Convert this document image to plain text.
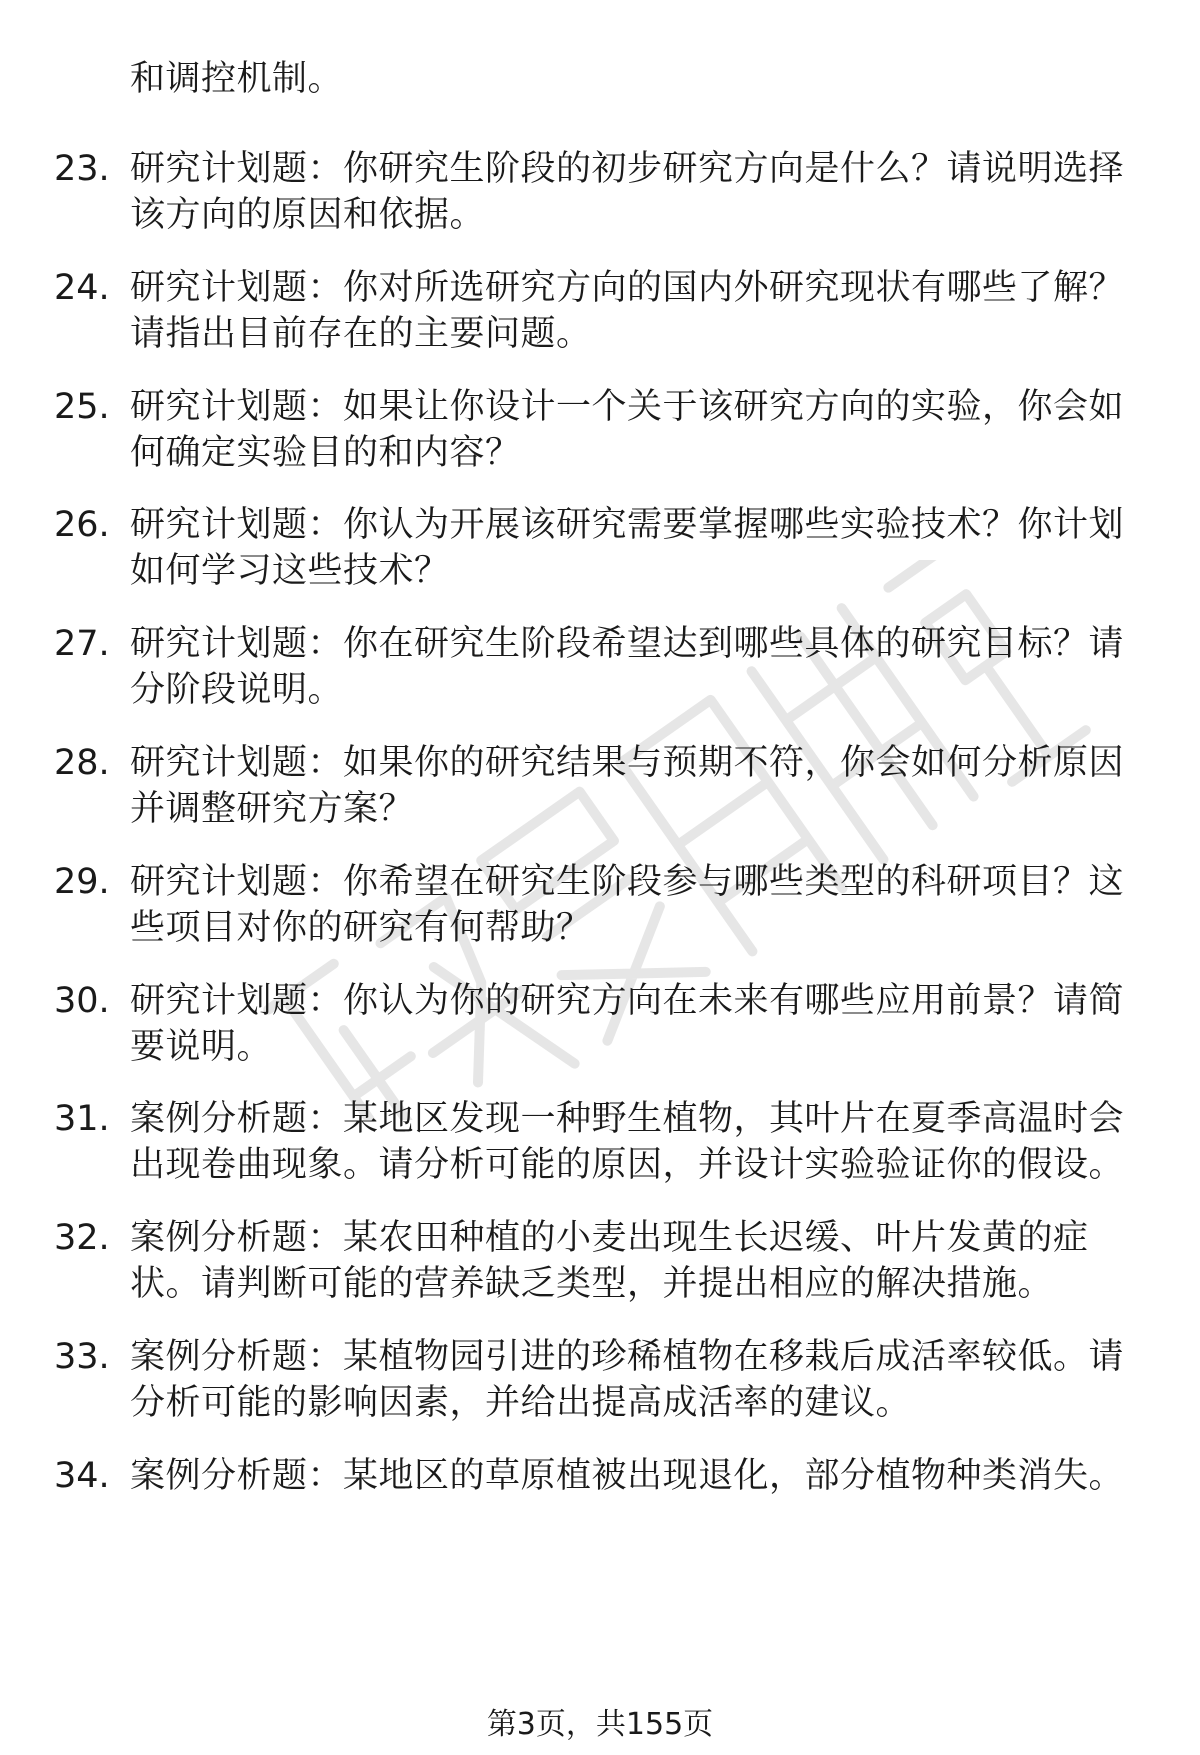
和调控机制。
23. 研究计划题：你研究生阶段的初步研究方向是什么？请说明选择
该方向的原因和依据。
24. 研究计划题：你对所选研究方向的国内外研究现状有哪些了解？
请指出目前存在的主要问题。
25. 研究计划题：如果让你设计一个关于该研究方向的实验，你会如
何确定实验目的和内容？
26. 研究计划题：你认为开展该研究需要掌握哪些实验技术？你计划
如何学习这些技术？
27. 研究计划题：你在研究生阶段希望达到哪些具体的研究目标？请
分阶段说明。
28. 研究计划题：如果你的研究结果与预期不符，你会如何分析原因
并调整研究方案？
29. 研究计划题：你希望在研究生阶段参与哪些类型的科研项目？这
些项目对你的研究有何帮助？
30. 研究计划题：你认为你的研究方向在未来有哪些应用前景？请简
要说明。
31. 案例分析题：某地区发现一种野生植物，其叶片在夏季高温时会
出现卷曲现象。请分析可能的原因，并设计实验验证你的假设。
32. 案例分析题：某农田种植的小麦出现生长迟缓、叶片发黄的症
状。请判断可能的营养缺乏类型，并提出相应的解决措施。
33. 案例分析题：某植物园引进的珍稀植物在移栽后成活率较低。请
分析可能的影响因素，并给出提高成活率的建议。
34. 案例分析题：某地区的草原植被出现退化，部分植物种类消失。
第3页，共155页
